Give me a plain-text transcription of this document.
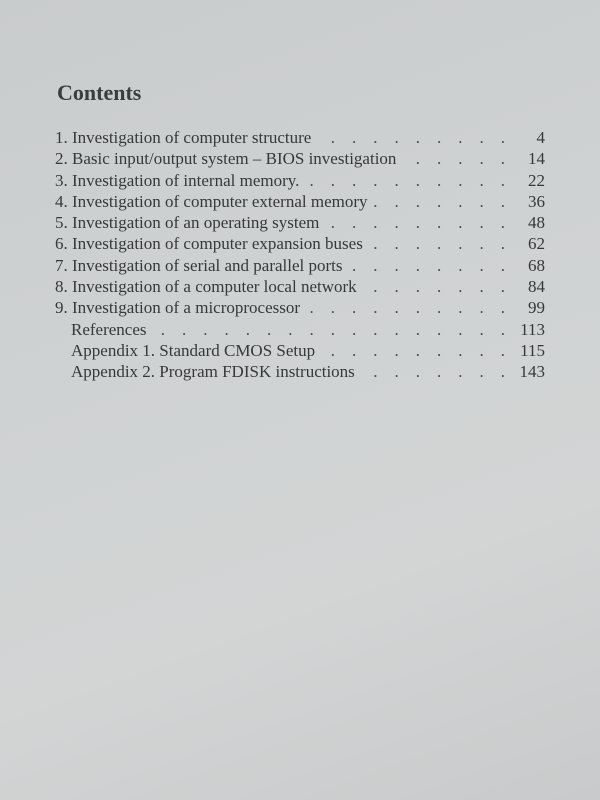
Contents
1. Investigation of computer structure .	4
2. Basic input/output system – BIOS investigation .	14
3. Investigation of internal memory. .	22
4. Investigation of computer external memory .	36
5. Investigation of an operating system .	48
6. Investigation of computer expansion buses .	62
7. Investigation of serial and parallel ports .	68
8. Investigation of a computer local network .	84
9. Investigation of a microprocessor .	99
References .	113
Appendix 1. Standard CMOS Setup .	115
Appendix 2. Program FDISK instructions .	143
